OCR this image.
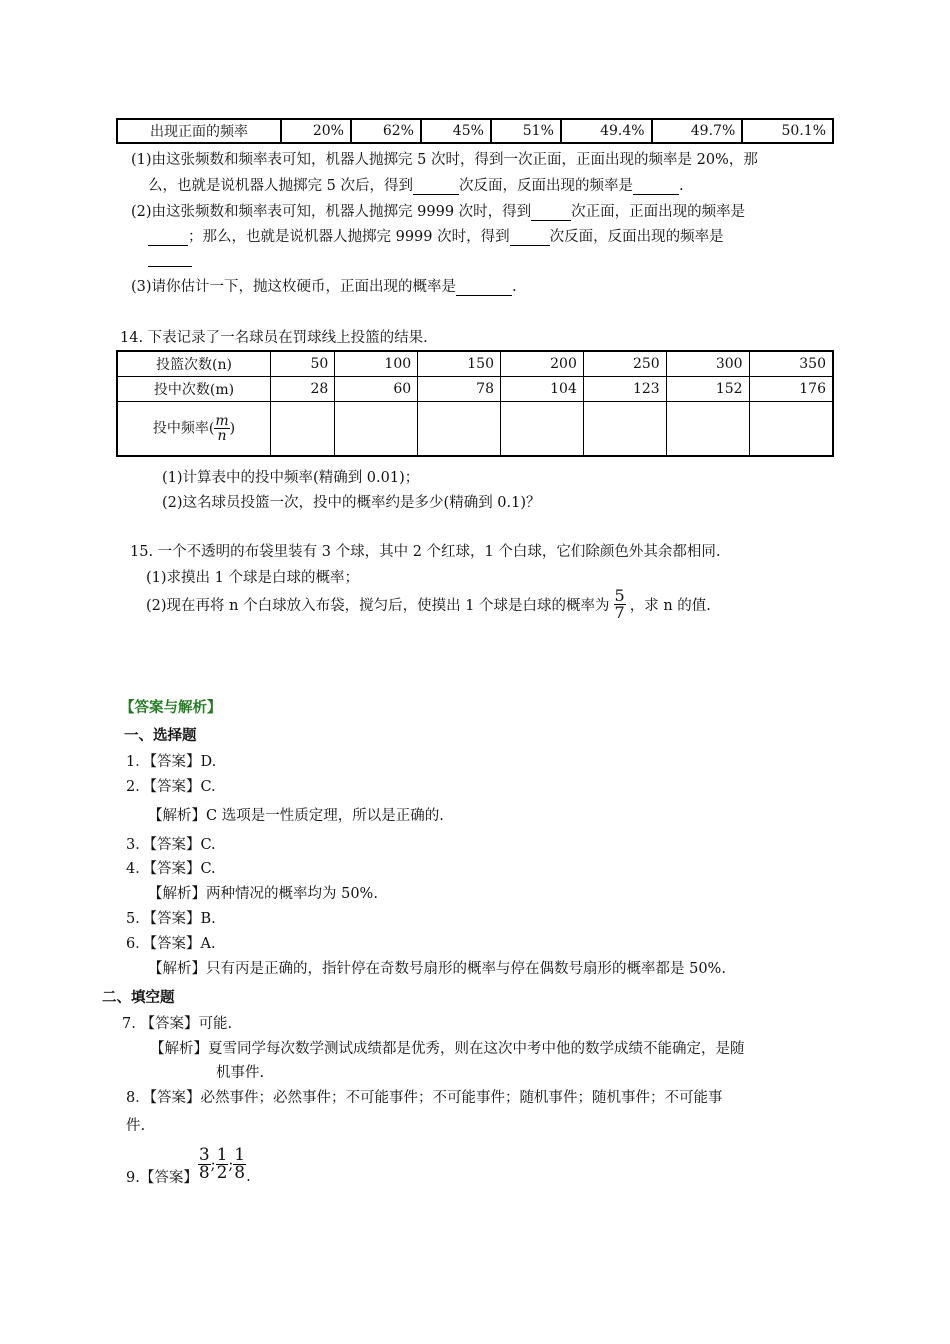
出现正面的频率	20%	62%	45%	51%	49.4%	49.7%	50.1%
(1)由这张频数和频率表可知，机器人抛掷完 5 次时，得到一次正面，正面出现的频率是 20%，那
么，也就是说机器人抛掷完 5 次后，得到	次反面，反面出现的频率是	.
(2)由这张频数和频率表可知，机器人抛掷完 9999 次时，得到	次正面，正面出现的频率是
；那么，也就是说机器人抛掷完 9999 次时，得到	次反面，反面出现的频率是

(3)请你估计一下，抛这枚硬币，正面出现的概率是	.
14. 下表记录了一名球员在罚球线上投篮的结果.
投篮次数(n)	50	100	150	200	250	300	350
投中次数(m)	28	60	78	104	123	152	176
投中频率( $\frac{m}{n}$ )							
(1)计算表中的投中频率(精确到 0.01)；
(2)这名球员投篮一次，投中的概率约是多少(精确到 0.1)？
15. 一个不透明的布袋里装有 3 个球，其中 2 个红球，1 个白球，它们除颜色外其余都相同.
(1)求摸出 1 个球是白球的概率；
(2)现在再将 n 个白球放入布袋，搅匀后，使摸出 1 个球是白球的概率为 $\frac{5}{7}$ ，求 n 的值.
【答案与解析】
一、选择题
1．【答案】D.
2．【答案】C.
【解析】C 选项是一性质定理，所以是正确的.
3．【答案】C.
4．【答案】C.
【解析】两种情况的概率均为 50%.
5．【答案】B.
6．【答案】A.
【解析】只有丙是正确的，指针停在奇数号扇形的概率与停在偶数号扇形的概率都是 50%.
二、填空题
7. 【答案】可能.
【解析】夏雪同学每次数学测试成绩都是优秀，则在这次中考中他的数学成绩不能确定，是随
机事件.
8．【答案】必然事件；必然事件；不可能事件；不可能事件；随机事件；随机事件；不可能事
件.
9.【答案】 $\frac{3}{8}$ ; $\frac{1}{2}$ ; $\frac{1}{8}$ .
